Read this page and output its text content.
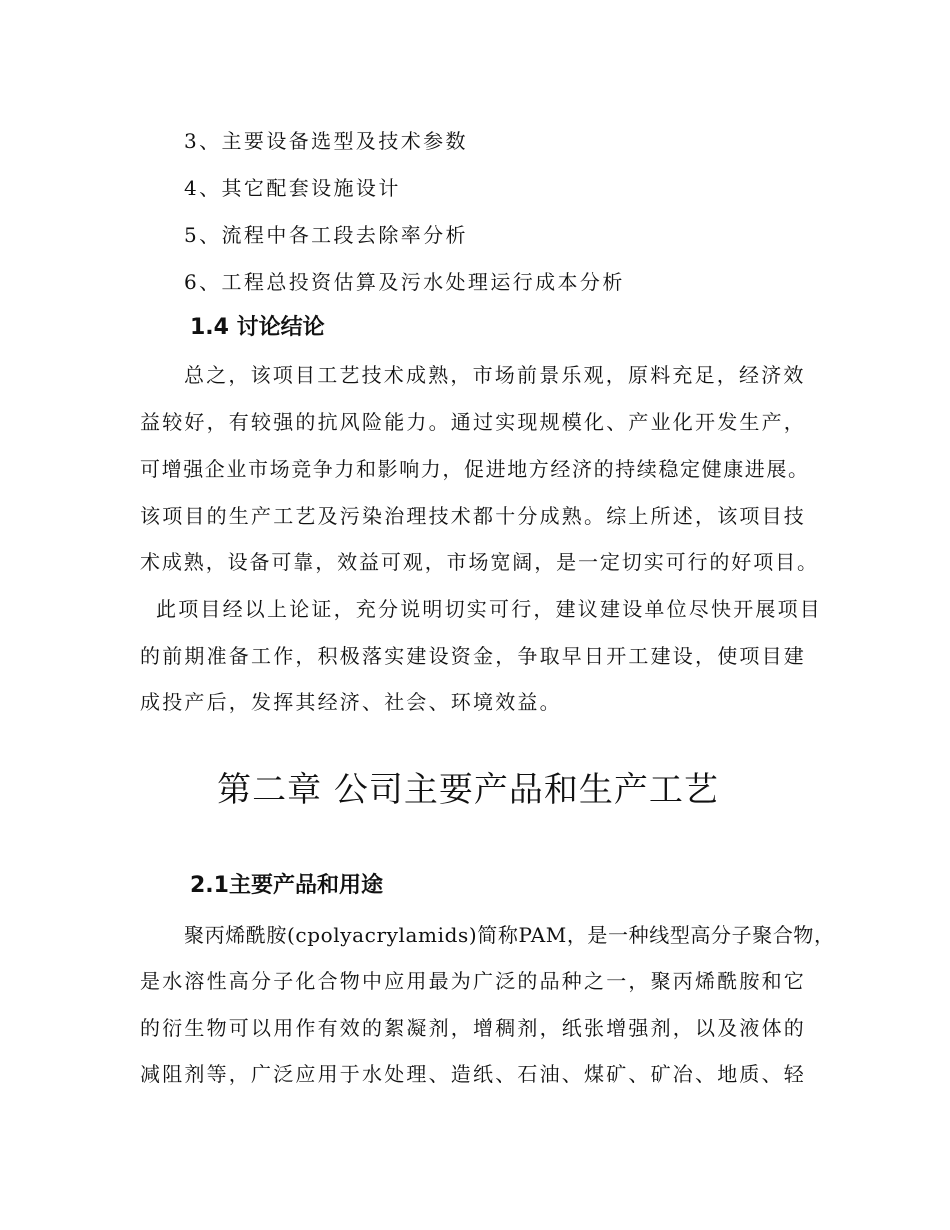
3、主要设备选型及技术参数
4、其它配套设施设计
5、流程中各工段去除率分析
6、工程总投资估算及污水处理运行成本分析
1.4 讨论结论
总之，该项目工艺技术成熟，市场前景乐观，原料充足，经济效
益较好，有较强的抗风险能力。通过实现规模化、产业化开发生产，
可增强企业市场竞争力和影响力，促进地方经济的持续稳定健康进展。
该项目的生产工艺及污染治理技术都十分成熟。综上所述，该项目技
术成熟，设备可靠，效益可观，市场宽阔，是一定切实可行的好项目。
此项目经以上论证，充分说明切实可行，建议建设单位尽快开展项目
的前期准备工作，积极落实建设资金，争取早日开工建设，使项目建
成投产后，发挥其经济、社会、环境效益。
第二章 公司主要产品和生产工艺
2.1主要产品和用途
聚丙烯酰胺(cpolyacrylamids)简称PAM，是一种线型高分子聚合物，
是水溶性高分子化合物中应用最为广泛的品种之一，聚丙烯酰胺和它
的衍生物可以用作有效的絮凝剂，增稠剂，纸张增强剂，以及液体的
减阻剂等，广泛应用于水处理、造纸、石油、煤矿、矿冶、地质、轻
